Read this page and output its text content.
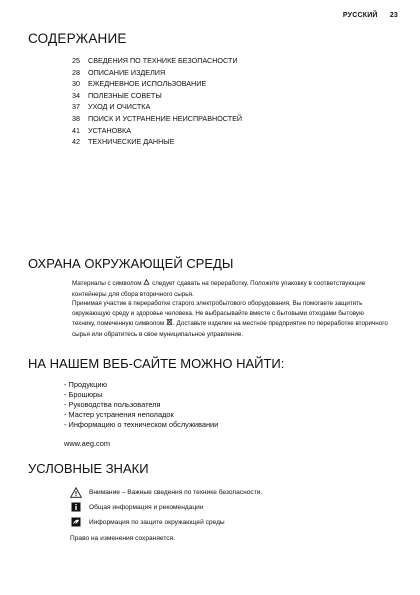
РУССКИЙ 23
СОДЕРЖАНИЕ
25 СВЕДЕНИЯ ПО ТЕХНИКЕ БЕЗОПАСНОСТИ
28 ОПИСАНИЕ ИЗДЕЛИЯ
30 ЕЖЕДНЕВНОЕ ИСПОЛЬЗОВАНИЕ
34 ПОЛЕЗНЫЕ СОВЕТЫ
37 УХОД И ОЧИСТКА
38 ПОИСК И УСТРАНЕНИЕ НЕИСПРАВНОСТЕЙ
41 УСТАНОВКА
42 ТЕХНИЧЕСКИЕ ДАННЫЕ
ОХРАНА ОКРУЖАЮЩЕЙ СРЕДЫ

Материалы с символом следует сдавать на переработку. Положите упаковку в соответствующие контейнеры для сбора вторичного сырья.

Принимая участие в переработке старого электробытового оборудования, Вы помогаете защитить окружающую среду и здоровье человека. Не выбрасывайте вместе с бытовыми отходами бытовую технику, помеченную символом . Доставьте изделие на местное предприятие по переработке вторичного сырья или обратитесь в свое муниципальное управление.

НА НАШЕМ ВЕБ-САЙТЕ МОЖНО НАЙТИ:
- Продукцию
- Брошюры
- Руководства пользователя
- Мастер устранения неполадок
- Информацию о техническом обслуживании

www.aeg.com

УСЛОВНЫЕ ЗНАКИ
Внимание – Важные сведения по технике безопасности.
Общая информация и рекомендации
Информация по защите окружающей среды

Право на изменения сохраняется.
